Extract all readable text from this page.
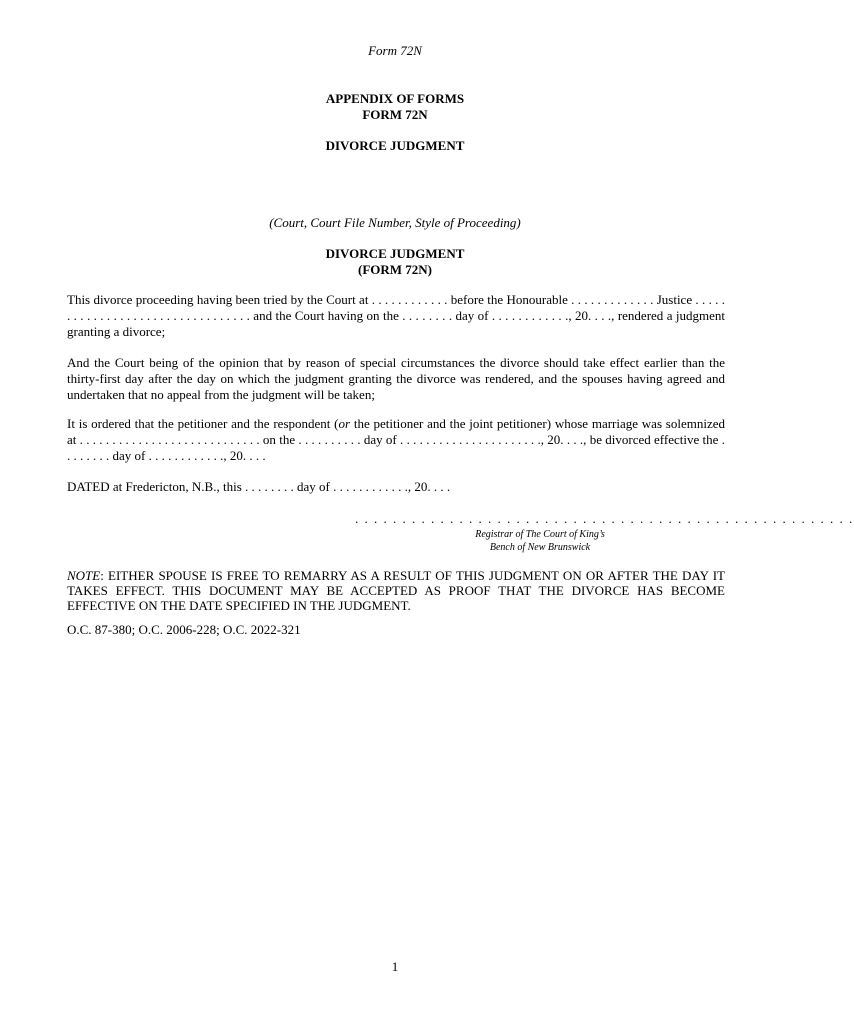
Form 72N
APPENDIX OF FORMS
FORM 72N
DIVORCE JUDGMENT
(Court, Court File Number, Style of Proceeding)
DIVORCE JUDGMENT
(FORM 72N)
This divorce proceeding having been tried by the Court at . . . . . . . . . . . . before the Honourable . . . . . . . . . . . . . Justice . . . . . . . . . . . . . . . . . . . . . . . . . . . . . . . . . and the Court having on the . . . . . . . . day of . . . . . . . . . . . ., 20. . . ., rendered a judgment granting a divorce;
And the Court being of the opinion that by reason of special circumstances the divorce should take effect earlier than the thirty-first day after the day on which the judgment granting the divorce was rendered, and the spouses having agreed and undertaken that no appeal from the judgment will be taken;
It is ordered that the petitioner and the respondent (or the petitioner and the joint petitioner) whose marriage was solemnized at . . . . . . . . . . . . . . . . . . . . . . . . . . . . on the . . . . . . . . . . day of . . . . . . . . . . . . . . . . . . . . . ., 20. . . ., be divorced effective the . . . . . . . . day of . . . . . . . . . . . ., 20. . . .
DATED at Fredericton, N.B., this . . . . . . . . day of . . . . . . . . . . . ., 20. . . .
. . . . . . . . . . . . . . . . . . . . . . . . . . . . . . . . . . . . . . . . . . . . . . . . . . . . .
Registrar of The Court of King’s
Bench of New Brunswick
NOTE: EITHER SPOUSE IS FREE TO REMARRY AS A RESULT OF THIS JUDGMENT ON OR AFTER THE DAY IT TAKES EFFECT. THIS DOCUMENT MAY BE ACCEPTED AS PROOF THAT THE DIVORCE HAS BECOME EFFECTIVE ON THE DATE SPECIFIED IN THE JUDGMENT.
O.C. 87-380; O.C. 2006-228; O.C. 2022-321
1
